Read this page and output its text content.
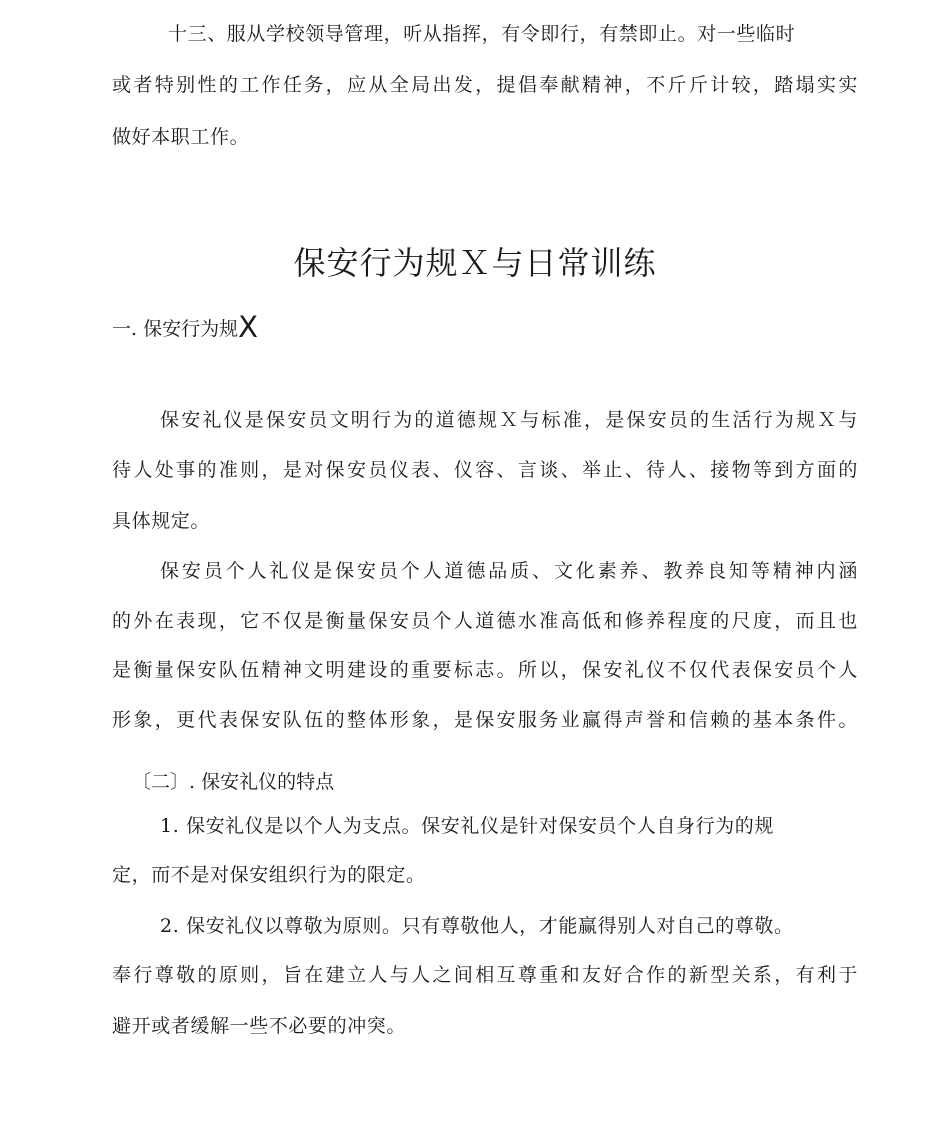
十三、服从学校领导管理，听从指挥，有令即行，有禁即止。对一些临时
或者特别性的工作任务，应从全局出发，提倡奉献精神，不斤斤计较，踏塌实实
做好本职工作。
保安行为规Ｘ与日常训练
一. 保安行为规X
保安礼仪是保安员文明行为的道德规Ｘ与标准，是保安员的生活行为规Ｘ与
待人处事的准则，是对保安员仪表、仪容、言谈、举止、待人、接物等到方面的
具体规定。
保安员个人礼仪是保安员个人道德品质、文化素养、教养良知等精神内涵
的外在表现，它不仅是衡量保安员个人道德水准高低和修养程度的尺度，而且也
是衡量保安队伍精神文明建设的重要标志。所以，保安礼仪不仅代表保安员个人
形象，更代表保安队伍的整体形象，是保安服务业赢得声誉和信赖的基本条件。
〔二〕. 保安礼仪的特点
1. 保安礼仪是以个人为支点。保安礼仪是针对保安员个人自身行为的规
定，而不是对保安组织行为的限定。
2. 保安礼仪以尊敬为原则。只有尊敬他人，才能赢得别人对自己的尊敬。
奉行尊敬的原则，旨在建立人与人之间相互尊重和友好合作的新型关系，有利于
避开或者缓解一些不必要的冲突。
